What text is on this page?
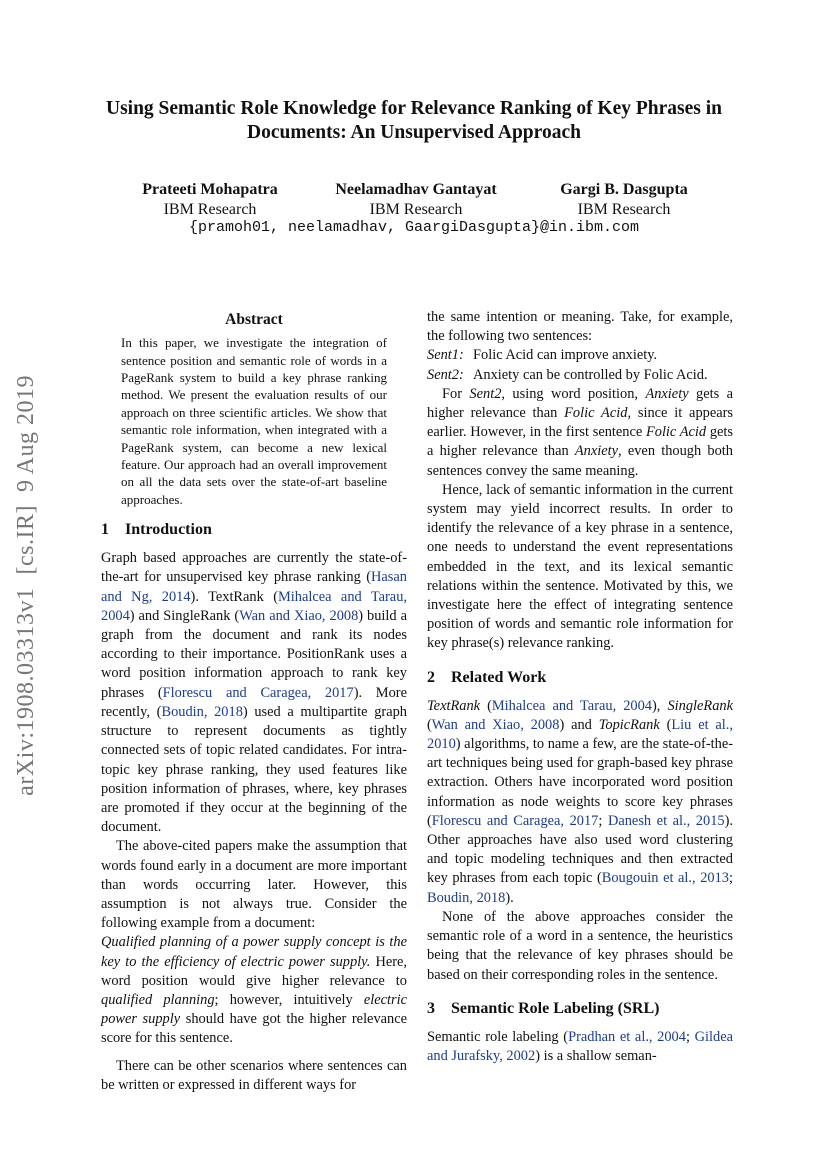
Using Semantic Role Knowledge for Relevance Ranking of Key Phrases in
Documents: An Unsupervised Approach
Prateeti Mohapatra
IBM Research
Neelamadhav Gantayat
IBM Research
Gargi B. Dasgupta
IBM Research
{pramoh01, neelamadhav, GaargiDasgupta}@in.ibm.com
arXiv:1908.03313v1[cs.IR]9 Aug 2019
Abstract
In this paper, we investigate the integration of sentence position and semantic role of words in a PageRank system to build a key phrase ranking method. We present the evaluation results of our approach on three scientific articles. We show that semantic role information, when integrated with a PageRank system, can become a new lexical feature. Our approach had an overall improvement on all the data sets over the state-of-art baseline approaches.
1 Introduction

Graph based approaches are currently the state-of-the-art for unsupervised key phrase ranking (Hasan and Ng, 2014). TextRank (Mihalcea and Tarau, 2004) and SingleRank (Wan and Xiao, 2008) build a graph from the document and rank its nodes according to their importance. PositionRank uses a word position information approach to rank key phrases (Florescu and Caragea, 2017). More recently, (Boudin, 2018) used a multipartite graph structure to represent documents as tightly connected sets of topic related candidates. For intra-topic key phrase ranking, they used features like position information of phrases, where, key phrases are promoted if they occur at the beginning of the document.

The above-cited papers make the assumption that words found early in a document are more important than words occurring later. However, this assumption is not always true. Consider the following example from a document:

Qualified planning of a power supply concept is the key to the efficiency of electric power supply. Here, word position would give higher relevance to qualified planning; however, intuitively electric power supply should have got the higher relevance score for this sentence.

There can be other scenarios where sentences can be written or expressed in different ways for

the same intention or meaning. Take, for example, the following two sentences:

Sent1: Folic Acid can improve anxiety.

Sent2: Anxiety can be controlled by Folic Acid.

For Sent2, using word position, Anxiety gets a higher relevance than Folic Acid, since it appears earlier. However, in the first sentence Folic Acid gets a higher relevance than Anxiety, even though both sentences convey the same meaning.

Hence, lack of semantic information in the current system may yield incorrect results. In order to identify the relevance of a key phrase in a sentence, one needs to understand the event representations embedded in the text, and its lexical semantic relations within the sentence. Motivated by this, we investigate here the effect of integrating sentence position of words and semantic role information for key phrase(s) relevance ranking.

2 Related Work

TextRank (Mihalcea and Tarau, 2004), SingleRank (Wan and Xiao, 2008) and TopicRank (Liu et al., 2010) algorithms, to name a few, are the state-of-the-art techniques being used for graph-based key phrase extraction. Others have incorporated word position information as node weights to score key phrases (Florescu and Caragea, 2017; Danesh et al., 2015). Other approaches have also used word clustering and topic modeling techniques and then extracted key phrases from each topic (Bougouin et al., 2013; Boudin, 2018).

None of the above approaches consider the semantic role of a word in a sentence, the heuristics being that the relevance of key phrases should be based on their corresponding roles in the sentence.

3 Semantic Role Labeling (SRL)

Semantic role labeling (Pradhan et al., 2004; Gildea and Jurafsky, 2002) is a shallow seman-
